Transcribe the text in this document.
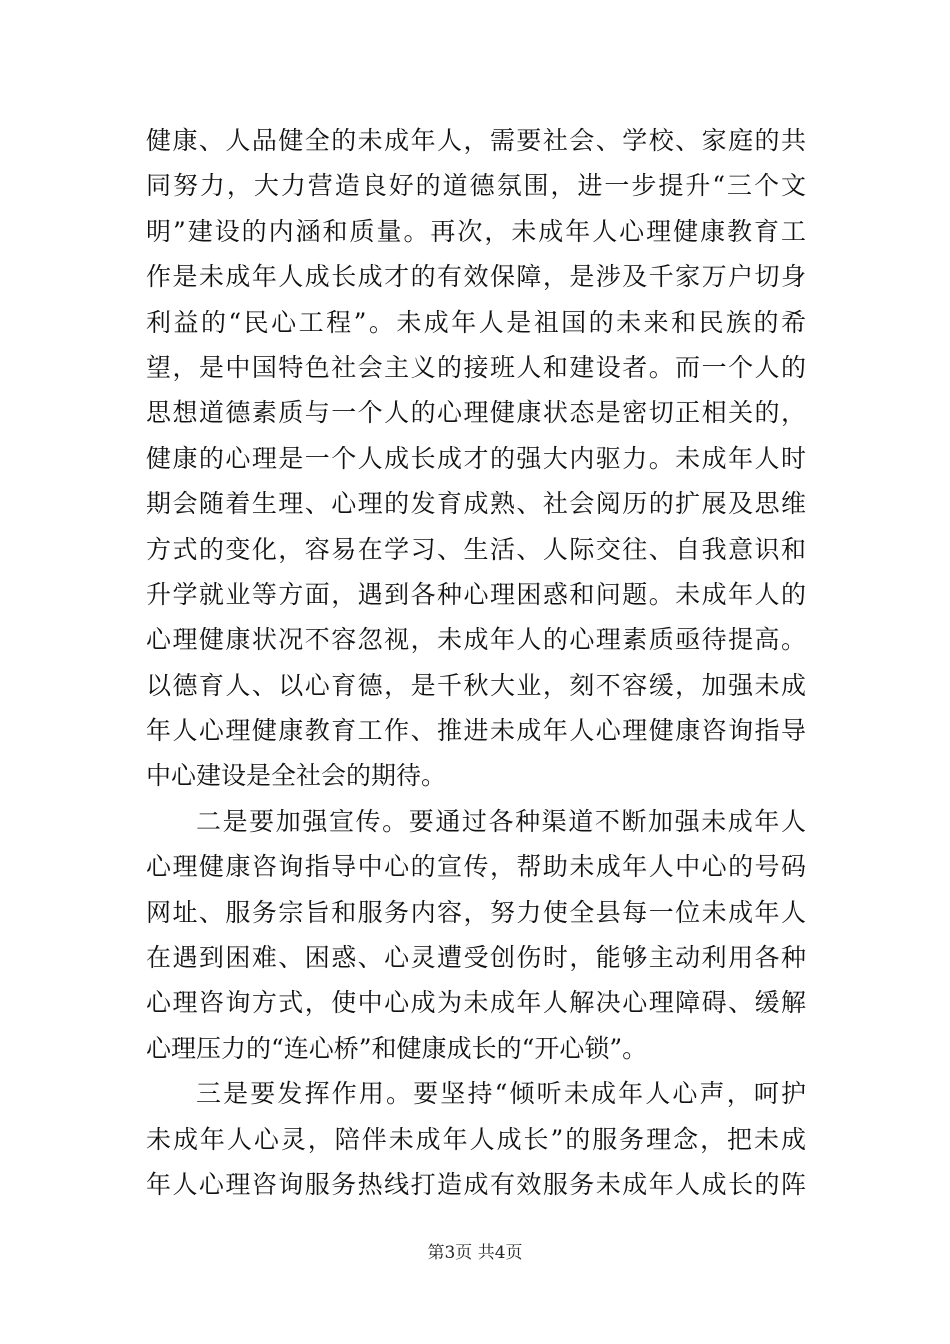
健康、人品健全的未成年人，需要社会、学校、家庭的共
同努力，大力营造良好的道德氛围，进一步提升“三个文
明”建设的内涵和质量。再次，未成年人心理健康教育工
作是未成年人成长成才的有效保障，是涉及千家万户切身
利益的“民心工程”。未成年人是祖国的未来和民族的希
望，是中国特色社会主义的接班人和建设者。而一个人的
思想道德素质与一个人的心理健康状态是密切正相关的，
健康的心理是一个人成长成才的强大内驱力。未成年人时
期会随着生理、心理的发育成熟、社会阅历的扩展及思维
方式的变化，容易在学习、生活、人际交往、自我意识和
升学就业等方面，遇到各种心理困惑和问题。未成年人的
心理健康状况不容忽视，未成年人的心理素质亟待提高。
以德育人、以心育德，是千秋大业，刻不容缓，加强未成
年人心理健康教育工作、推进未成年人心理健康咨询指导
中心建设是全社会的期待。
二是要加强宣传。要通过各种渠道不断加强未成年人
心理健康咨询指导中心的宣传，帮助未成年人中心的号码
网址、服务宗旨和服务内容，努力使全县每一位未成年人
在遇到困难、困惑、心灵遭受创伤时，能够主动利用各种
心理咨询方式，使中心成为未成年人解决心理障碍、缓解
心理压力的“连心桥”和健康成长的“开心锁”。
三是要发挥作用。要坚持“倾听未成年人心声，呵护
未成年人心灵，陪伴未成年人成长”的服务理念，把未成
年人心理咨询服务热线打造成有效服务未成年人成长的阵
第3页 共4页
